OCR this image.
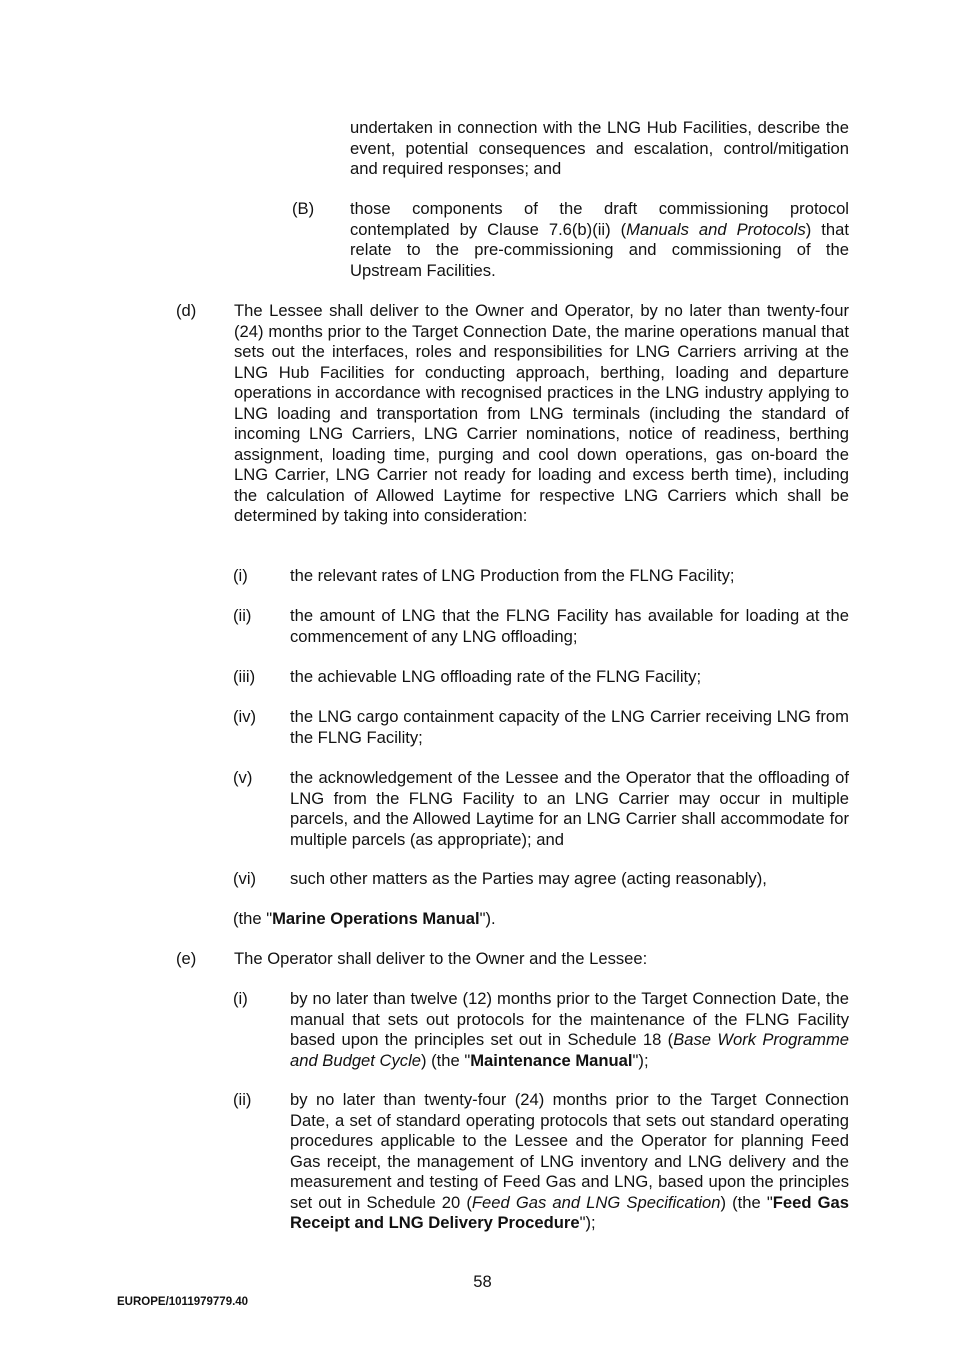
undertaken in connection with the LNG Hub Facilities, describe the event, potential consequences and escalation, control/mitigation and required responses; and
(B) those components of the draft commissioning protocol contemplated by Clause 7.6(b)(ii) (Manuals and Protocols) that relate to the pre-commissioning and commissioning of the Upstream Facilities.
(d) The Lessee shall deliver to the Owner and Operator, by no later than twenty-four (24) months prior to the Target Connection Date, the marine operations manual that sets out the interfaces, roles and responsibilities for LNG Carriers arriving at the LNG Hub Facilities for conducting approach, berthing, loading and departure operations in accordance with recognised practices in the LNG industry applying to LNG loading and transportation from LNG terminals (including the standard of incoming LNG Carriers, LNG Carrier nominations, notice of readiness, berthing assignment, loading time, purging and cool down operations, gas on-board the LNG Carrier, LNG Carrier not ready for loading and excess berth time), including the calculation of Allowed Laytime for respective LNG Carriers which shall be determined by taking into consideration:
(i)	the relevant rates of LNG Production from the FLNG Facility;
(ii) the amount of LNG that the FLNG Facility has available for loading at the commencement of any LNG offloading;
(iii) the achievable LNG offloading rate of the FLNG Facility;
(iv) the LNG cargo containment capacity of the LNG Carrier receiving LNG from the FLNG Facility;
(v) the acknowledgement of the Lessee and the Operator that the offloading of LNG from the FLNG Facility to an LNG Carrier may occur in multiple parcels, and the Allowed Laytime for an LNG Carrier shall accommodate for multiple parcels (as appropriate); and
(vi) such other matters as the Parties may agree (acting reasonably),
(the "Marine Operations Manual").
(e) The Operator shall deliver to the Owner and the Lessee:
(i)	by no later than twelve (12) months prior to the Target Connection Date, the manual that sets out protocols for the maintenance of the FLNG Facility based upon the principles set out in Schedule 18 (Base Work Programme and Budget Cycle) (the "Maintenance Manual");
(ii) by no later than twenty-four (24) months prior to the Target Connection Date, a set of standard operating protocols that sets out standard operating procedures applicable to the Lessee and the Operator for planning Feed Gas receipt, the management of LNG inventory and LNG delivery and the measurement and testing of Feed Gas and LNG, based upon the principles set out in Schedule 20 (Feed Gas and LNG Specification) (the "Feed Gas Receipt and LNG Delivery Procedure");
58
EUROPE/1011979779.40
